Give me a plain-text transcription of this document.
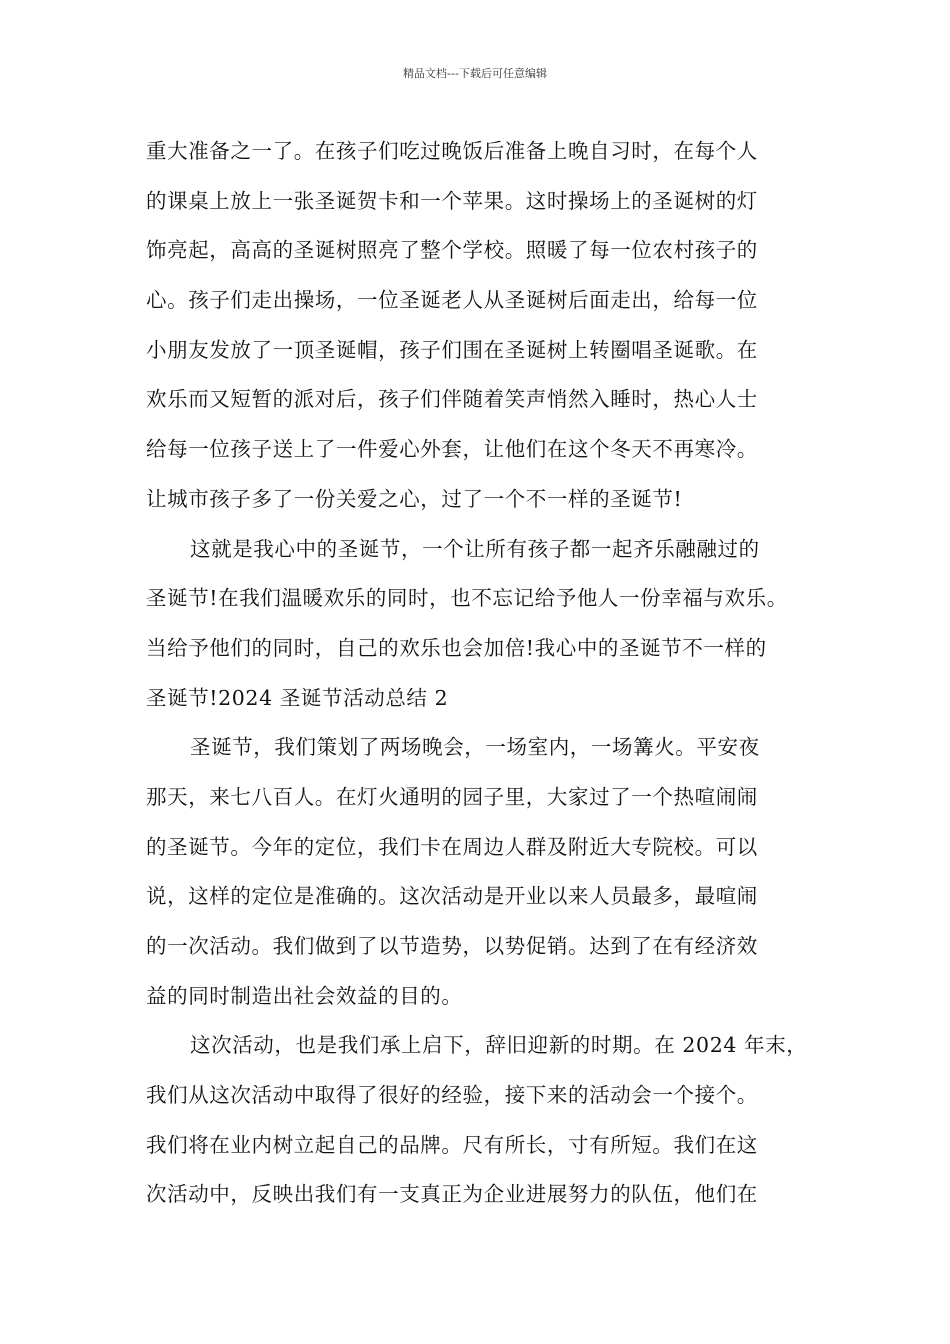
精品文档---下载后可任意编辑
重大准备之一了。在孩子们吃过晚饭后准备上晚自习时，在每个人
的课桌上放上一张圣诞贺卡和一个苹果。这时操场上的圣诞树的灯
饰亮起，高高的圣诞树照亮了整个学校。照暖了每一位农村孩子的
心。孩子们走出操场，一位圣诞老人从圣诞树后面走出，给每一位
小朋友发放了一顶圣诞帽，孩子们围在圣诞树上转圈唱圣诞歌。在
欢乐而又短暂的派对后，孩子们伴随着笑声悄然入睡时，热心人士
给每一位孩子送上了一件爱心外套，让他们在这个冬天不再寒冷。
让城市孩子多了一份关爱之心，过了一个不一样的圣诞节!
这就是我心中的圣诞节，一个让所有孩子都一起齐乐融融过的
圣诞节!在我们温暖欢乐的同时，也不忘记给予他人一份幸福与欢乐。
当给予他们的同时，自己的欢乐也会加倍!我心中的圣诞节不一样的
圣诞节!2024 圣诞节活动总结 2
圣诞节，我们策划了两场晚会，一场室内，一场篝火。平安夜
那天，来七八百人。在灯火通明的园子里，大家过了一个热喧闹闹
的圣诞节。今年的定位，我们卡在周边人群及附近大专院校。可以
说，这样的定位是准确的。这次活动是开业以来人员最多，最喧闹
的一次活动。我们做到了以节造势，以势促销。达到了在有经济效
益的同时制造出社会效益的目的。
这次活动，也是我们承上启下，辞旧迎新的时期。在 2024 年末，
我们从这次活动中取得了很好的经验，接下来的活动会一个接个。
我们将在业内树立起自己的品牌。尺有所长，寸有所短。我们在这
次活动中，反映出我们有一支真正为企业进展努力的队伍，他们在
